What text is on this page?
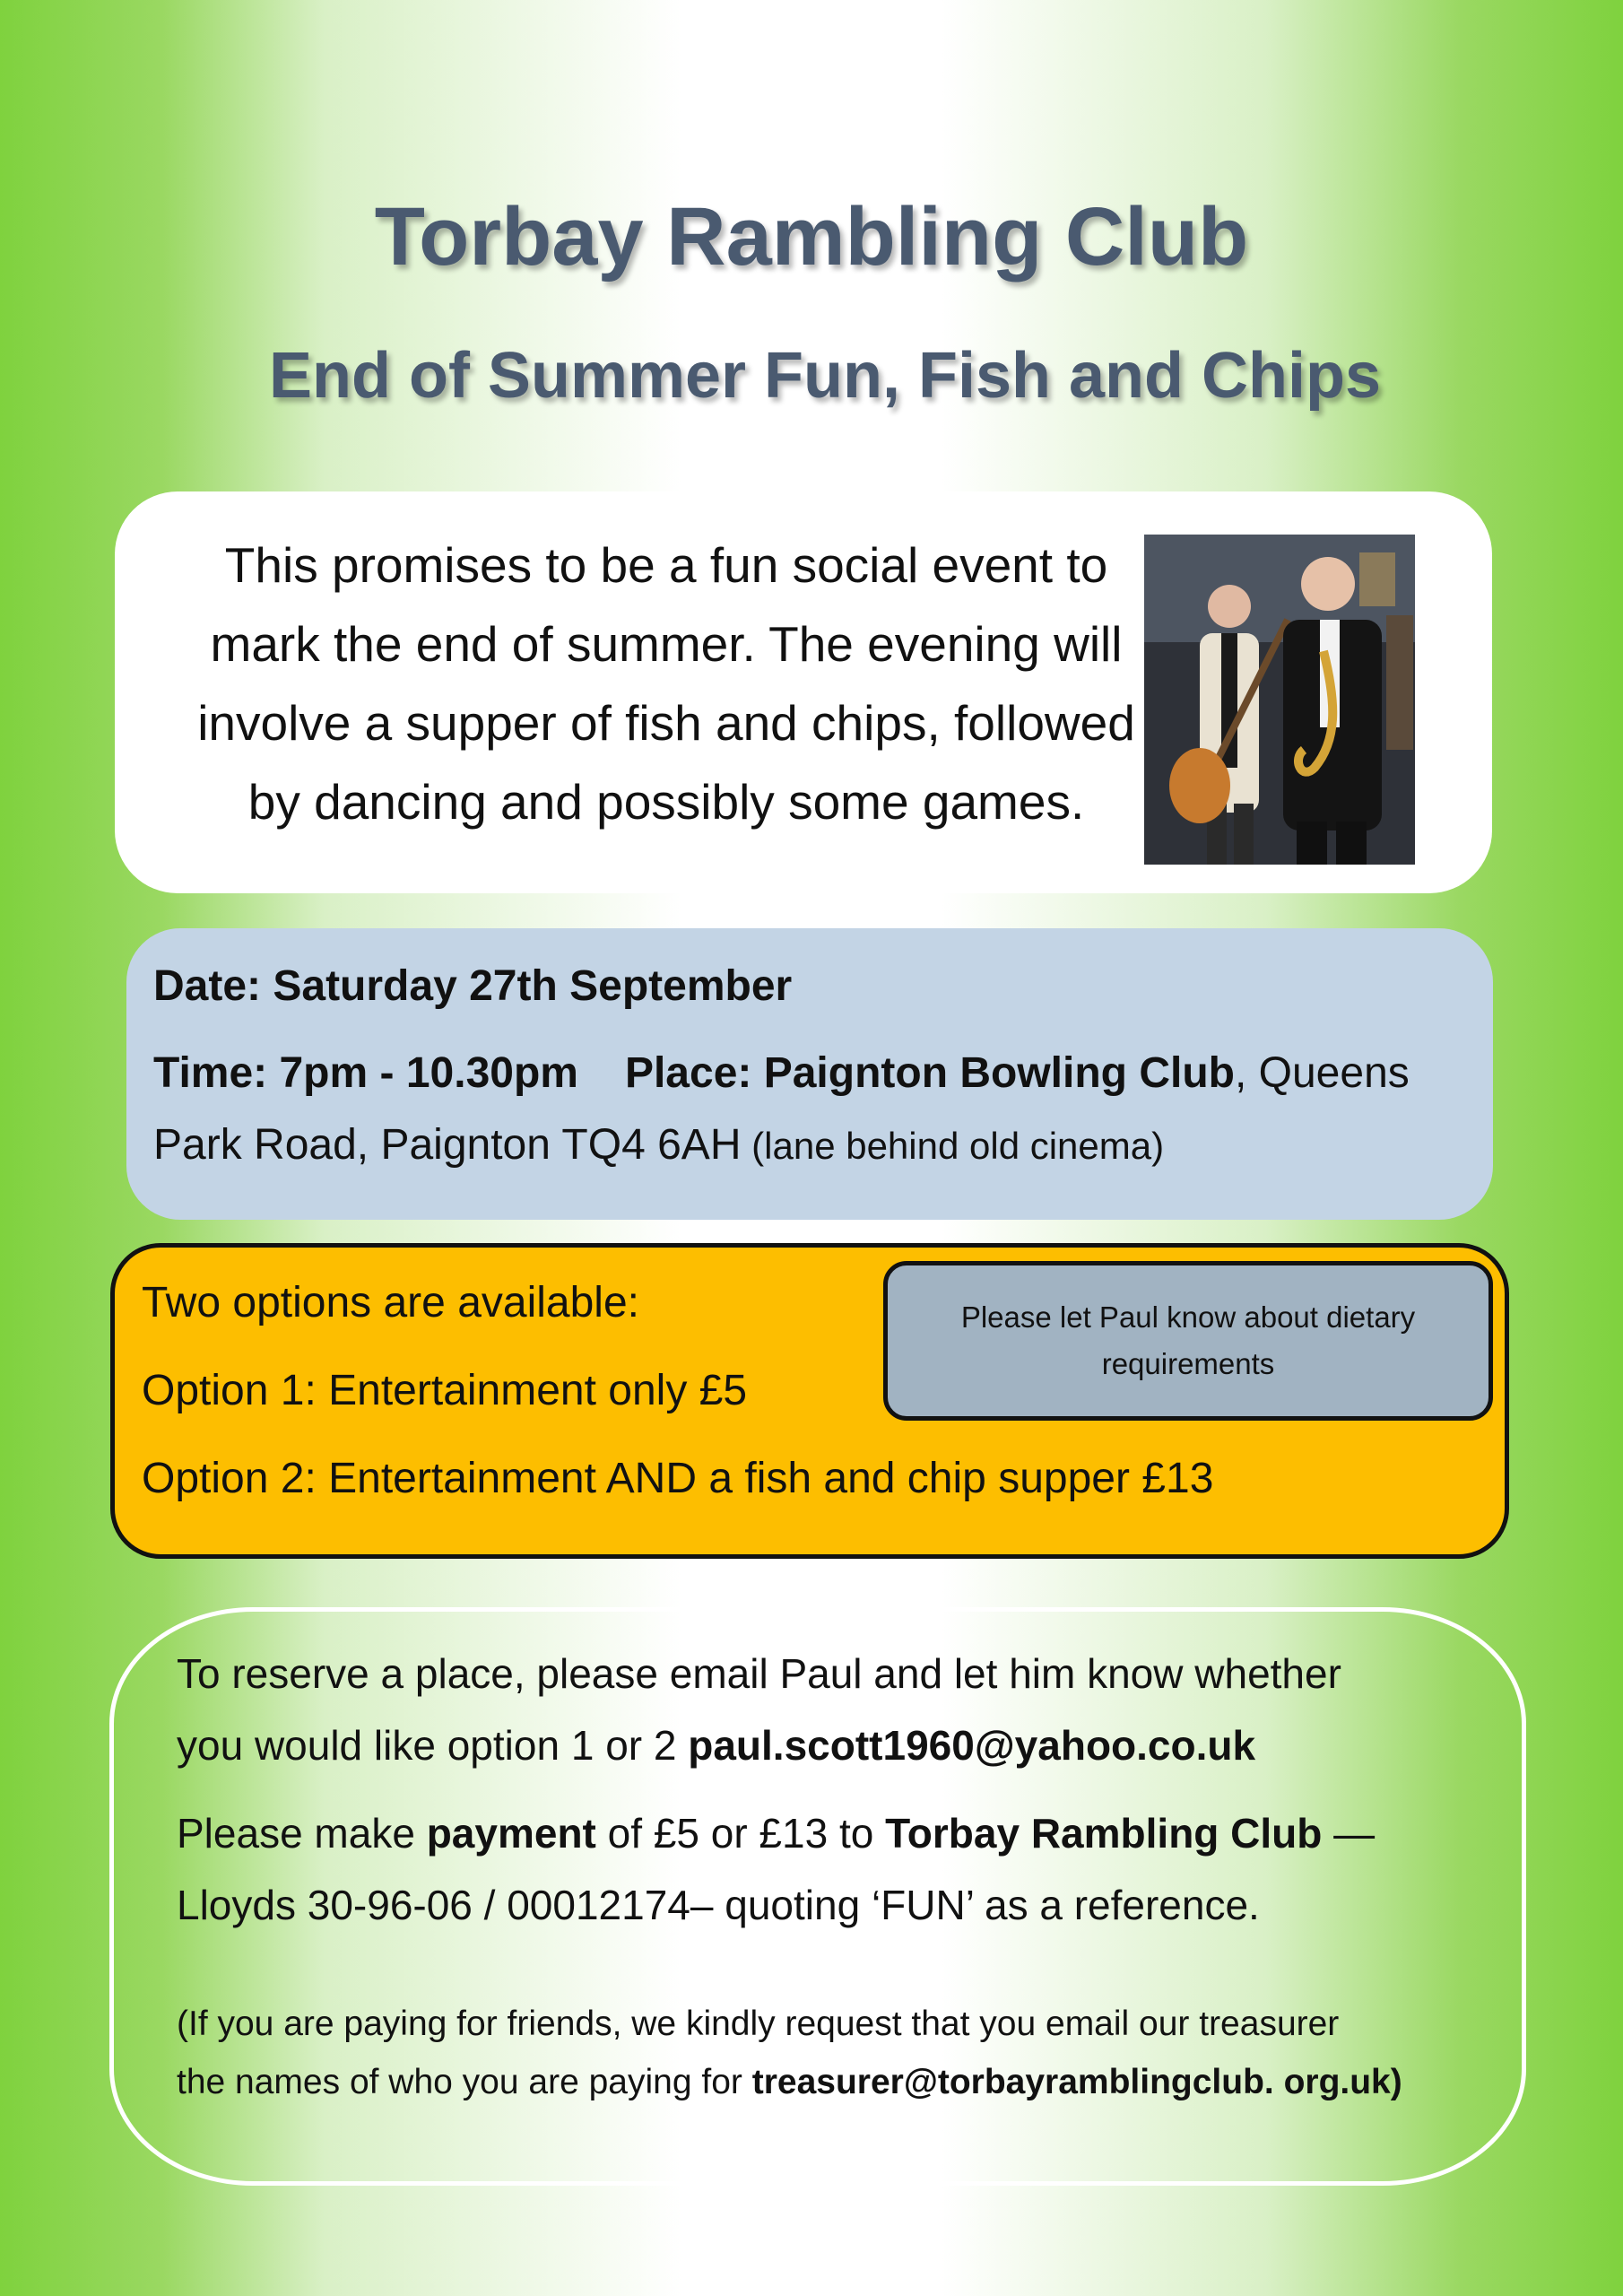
Torbay Rambling Club
End of Summer Fun, Fish and Chips
This promises to be a fun social event to
mark the end of summer. The evening will
involve a supper of fish and chips, followed
by dancing and possibly some games.
Date: Saturday 27th September
Time: 7pm - 10.30pm Place: Paignton Bowling Club, Queens
Park Road, Paignton TQ4 6AH (lane behind old cinema)
Two options are available:
Option 1: Entertainment only £5
Option 2: Entertainment AND a fish and chip supper £13
Please let Paul know about dietary requirements
To reserve a place, please email Paul and let him know whether
you would like option 1 or 2 paul.scott1960@yahoo.co.uk
Please make payment of £5 or £13 to Torbay Rambling Club —
Lloyds 30-96-06 / 00012174– quoting ‘FUN’ as a reference.
(If you are paying for friends, we kindly request that you email our treasurer
the names of who you are paying for treasurer@torbayramblingclub. org.uk)
